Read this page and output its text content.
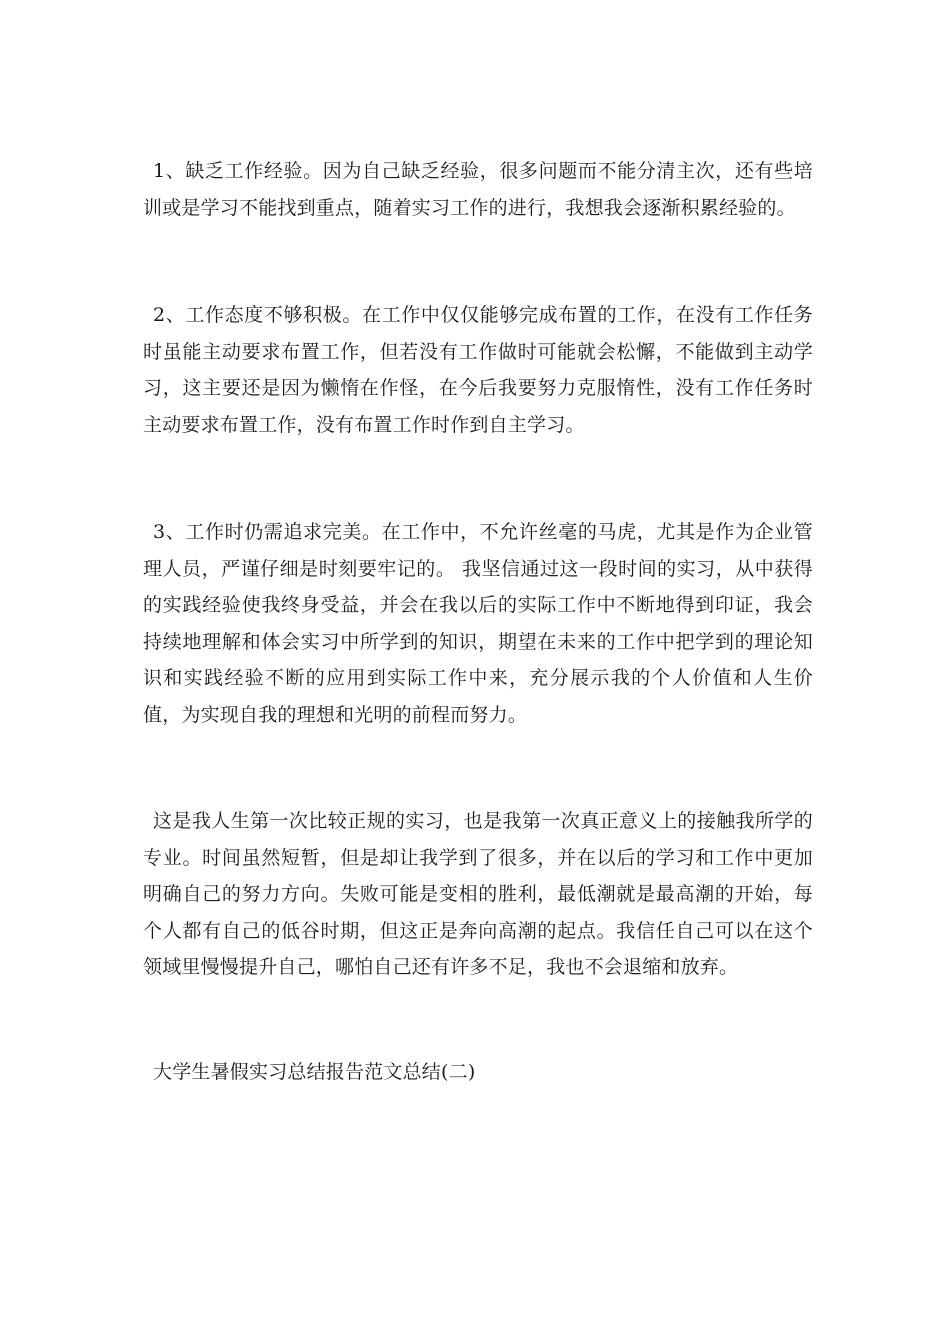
1、缺乏工作经验。因为自己缺乏经验，很多问题而不能分清主次，还有些培训或是学习不能找到重点，随着实习工作的进行，我想我会逐渐积累经验的。

2、工作态度不够积极。在工作中仅仅能够完成布置的工作，在没有工作任务时虽能主动要求布置工作，但若没有工作做时可能就会松懈，不能做到主动学习，这主要还是因为懒惰在作怪，在今后我要努力克服惰性，没有工作任务时主动要求布置工作，没有布置工作时作到自主学习。

3、工作时仍需追求完美。在工作中，不允许丝毫的马虎，尤其是作为企业管理人员，严谨仔细是时刻要牢记的。 我坚信通过这一段时间的实习，从中获得的实践经验使我终身受益，并会在我以后的实际工作中不断地得到印证，我会持续地理解和体会实习中所学到的知识，期望在未来的工作中把学到的理论知识和实践经验不断的应用到实际工作中来，充分展示我的个人价值和人生价值，为实现自我的理想和光明的前程而努力。

这是我人生第一次比较正规的实习，也是我第一次真正意义上的接触我所学的专业。时间虽然短暂，但是却让我学到了很多，并在以后的学习和工作中更加明确自己的努力方向。失败可能是变相的胜利，最低潮就是最高潮的开始，每个人都有自己的低谷时期，但这正是奔向高潮的起点。我信任自己可以在这个领域里慢慢提升自己，哪怕自己还有许多不足，我也不会退缩和放弃。

大学生暑假实习总结报告范文总结(二)
